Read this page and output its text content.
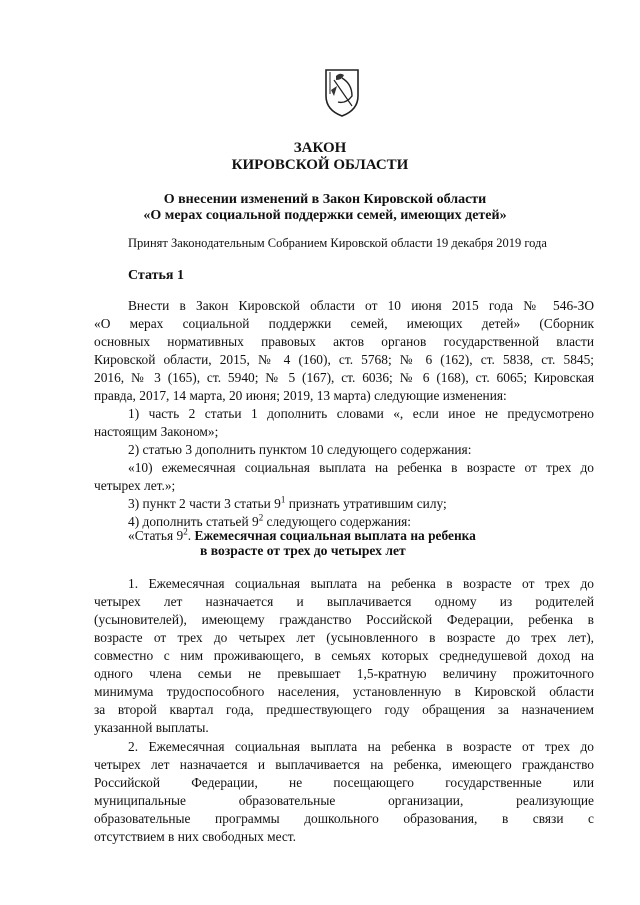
ЗАКОН
КИРОВСКОЙ ОБЛАСТИ
О внесении изменений в Закон Кировской области
«О мерах социальной поддержки семей, имеющих детей»
Принят Законодательным Собранием Кировской области 19 декабря 2019 года
Статья 1
Внести в Закон Кировской области от 10 июня 2015 года № 546-ЗО
«О мерах социальной поддержки семей, имеющих детей» (Сборник
основных нормативных правовых актов органов государственной власти
Кировской области, 2015, № 4 (160), ст. 5768; № 6 (162), ст. 5838, ст. 5845;
2016, № 3 (165), ст. 5940; № 5 (167), ст. 6036; № 6 (168), ст. 6065; Кировская
правда, 2017, 14 марта, 20 июня; 2019, 13 марта) следующие изменения:
1) часть 2 статьи 1 дополнить словами «, если иное не предусмотрено
настоящим Законом»;
2) статью 3 дополнить пунктом 10 следующего содержания:
«10) ежемесячная социальная выплата на ребенка в возрасте от трех до
четырех лет.»;
3) пункт 2 части 3 статьи $9^1$ признать утратившим силу;
4) дополнить статьей $9^2$ следующего содержания:
«Статья $9^2$. Ежемесячная социальная выплата на ребенка
в возрасте от трех до четырех лет
1. Ежемесячная социальная выплата на ребенка в возрасте от трех до
четырех лет назначается и выплачивается одному из родителей
(усыновителей), имеющему гражданство Российской Федерации, ребенка в
возрасте от трех до четырех лет (усыновленного в возрасте до трех лет),
совместно с ним проживающего, в семьях которых среднедушевой доход на
одного члена семьи не превышает 1,5-кратную величину прожиточного
минимума трудоспособного населения, установленную в Кировской области
за второй квартал года, предшествующего году обращения за назначением
указанной выплаты.
2. Ежемесячная социальная выплата на ребенка в возрасте от трех до
четырех лет назначается и выплачивается на ребенка, имеющего гражданство
Российской Федерации, не посещающего государственные или
муниципальные образовательные организации, реализующие
образовательные программы дошкольного образования, в связи с
отсутствием в них свободных мест.
